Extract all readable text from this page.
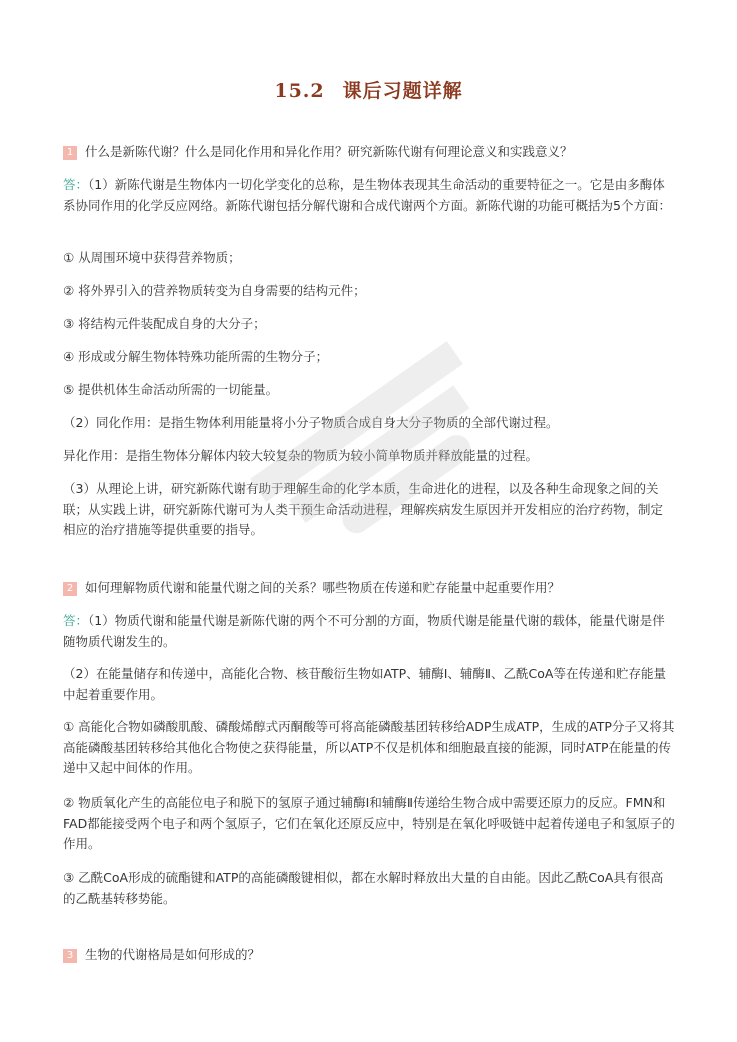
15.2 课后习题详解
1 什么是新陈代谢？什么是同化作用和异化作用？研究新陈代谢有何理论意义和实践意义？
答：（1）新陈代谢是生物体内一切化学变化的总称，是生物体表现其生命活动的重要特征之一。它是由多酶体系协同作用的化学反应网络。新陈代谢包括分解代谢和合成代谢两个方面。新陈代谢的功能可概括为5个方面：
① 从周围环境中获得营养物质；
② 将外界引入的营养物质转变为自身需要的结构元件；
③ 将结构元件装配成自身的大分子；
④ 形成或分解生物体特殊功能所需的生物分子；
⑤ 提供机体生命活动所需的一切能量。
（2）同化作用：是指生物体利用能量将小分子物质合成自身大分子物质的全部代谢过程。
异化作用：是指生物体分解体内较大较复杂的物质为较小简单物质并释放能量的过程。
（3）从理论上讲，研究新陈代谢有助于理解生命的化学本质，生命进化的进程，以及各种生命现象之间的关联；从实践上讲，研究新陈代谢可为人类干预生命活动进程，理解疾病发生原因并开发相应的治疗药物，制定相应的治疗措施等提供重要的指导。
2 如何理解物质代谢和能量代谢之间的关系？哪些物质在传递和贮存能量中起重要作用？
答：（1）物质代谢和能量代谢是新陈代谢的两个不可分割的方面，物质代谢是能量代谢的载体，能量代谢是伴随物质代谢发生的。
（2）在能量储存和传递中，高能化合物、核苷酸衍生物如ATP、辅酶Ⅰ、辅酶Ⅱ、乙酰CoA等在传递和贮存能量中起着重要作用。
① 高能化合物如磷酸肌酸、磷酸烯醇式丙酮酸等可将高能磷酸基团转移给ADP生成ATP，生成的ATP分子又将其高能磷酸基团转移给其他化合物使之获得能量，所以ATP不仅是机体和细胞最直接的能源，同时ATP在能量的传递中又起中间体的作用。
② 物质氧化产生的高能位电子和脱下的氢原子通过辅酶Ⅰ和辅酶Ⅱ传递给生物合成中需要还原力的反应。FMN和FAD都能接受两个电子和两个氢原子，它们在氧化还原反应中，特别是在氧化呼吸链中起着传递电子和氢原子的作用。
③ 乙酰CoA形成的硫酯键和ATP的高能磷酸键相似，都在水解时释放出大量的自由能。因此乙酰CoA具有很高的乙酰基转移势能。
3 生物的代谢格局是如何形成的？
